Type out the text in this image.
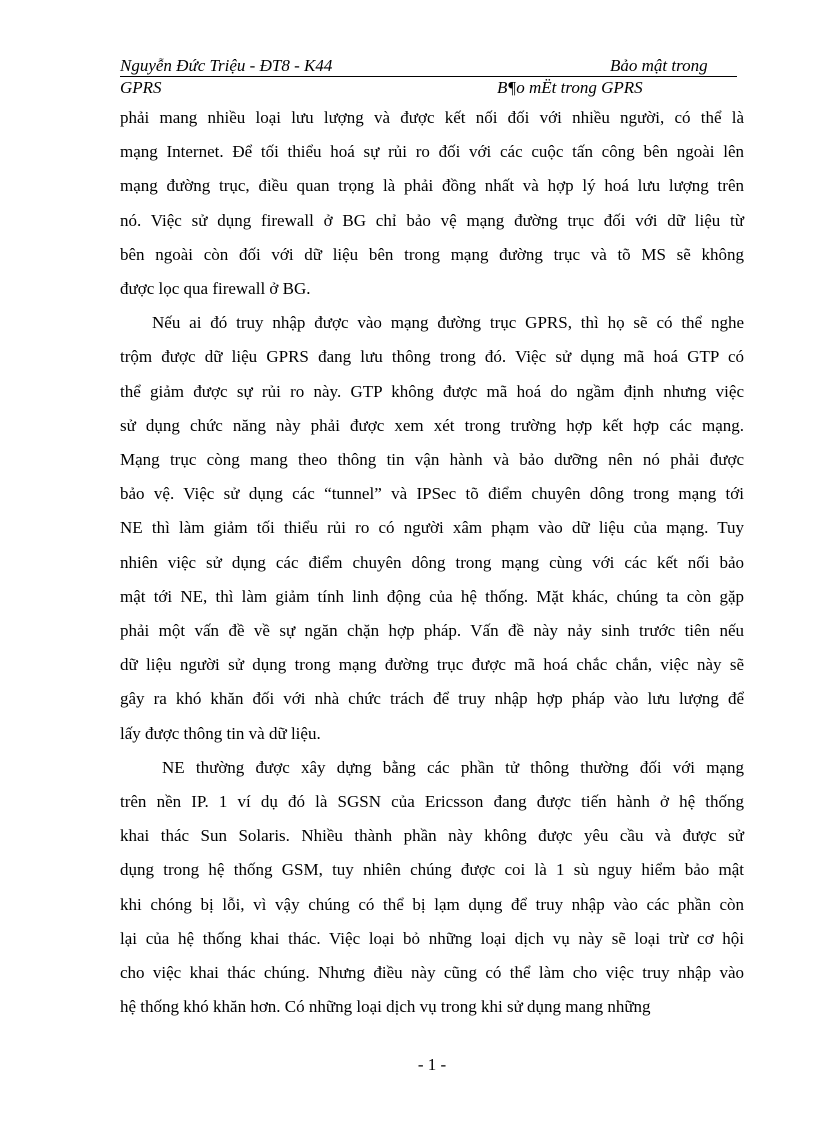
Nguyễn Đức Triệu - ĐT8 - K44	Bảo mật trong
GPRS	B¶o mËt trong GPRS

phải mang nhiều loại lưu lượng và được kết nối đối với nhiều người, có thể là

mạng Internet. Để tối thiểu hoá sự rủi ro đối với các cuộc tấn công bên ngoài lên

mạng đường trục, điều quan trọng là phải đồng nhất và hợp lý hoá lưu lượng trên

nó. Việc sử dụng firewall ở BG chỉ bảo vệ mạng đường trục đối với dữ liệu từ

bên ngoài còn đối với dữ liệu bên trong mạng đường trục và tõ MS sẽ không

được lọc qua firewall ở BG.

Nếu ai đó truy nhập được vào mạng đường trục GPRS, thì họ sẽ có thể nghe

trộm được dữ liệu GPRS đang lưu thông trong đó. Việc sử dụng mã hoá GTP có

thể giảm được sự rủi ro này. GTP không được mã hoá do ngầm định nhưng việc

sử dụng chức năng này phải được xem xét trong trường hợp kết hợp các mạng.

Mạng trục còng mang theo thông tin vận hành và bảo dưỡng nên nó phải được

bảo vệ. Việc sử dụng các “tunnel” và IPSec tõ điểm chuyên dông trong mạng tới

NE thì làm giảm tối thiểu rủi ro có người xâm phạm vào dữ liệu của mạng. Tuy

nhiên việc sử dụng các điểm chuyên dông trong mạng cùng với các kết nối bảo

mật tới NE, thì làm giảm tính linh động của hệ thống. Mặt khác, chúng ta còn gặp

phải một vấn đề về sự ngăn chặn hợp pháp. Vấn đề này nảy sinh trước tiên nếu

dữ liệu người sử dụng trong mạng đường trục được mã hoá chắc chắn, việc này sẽ

gây ra khó khăn đối với nhà chức trách để truy nhập hợp pháp vào lưu lượng để

lấy được thông tin và dữ liệu.

NE thường được xây dựng bằng các phần tử thông thường đối với mạng

trên nền IP. 1 ví dụ đó là SGSN của Ericsson đang được tiến hành ở hệ thống

khai thác Sun Solaris. Nhiều thành phần này không được yêu cầu và được sử

dụng trong hệ thống GSM, tuy nhiên chúng được coi là 1 sù nguy hiểm bảo mật

khi chóng bị lỗi, vì vậy chúng có thể bị lạm dụng để truy nhập vào các phần còn

lại của hệ thống khai thác. Việc loại bỏ những loại dịch vụ này sẽ loại trừ cơ hội

cho việc khai thác chúng. Nhưng điều này cũng có thể làm cho việc truy nhập vào

hệ thống khó khăn hơn. Có những loại dịch vụ trong khi sử dụng mang những

- 1 -
